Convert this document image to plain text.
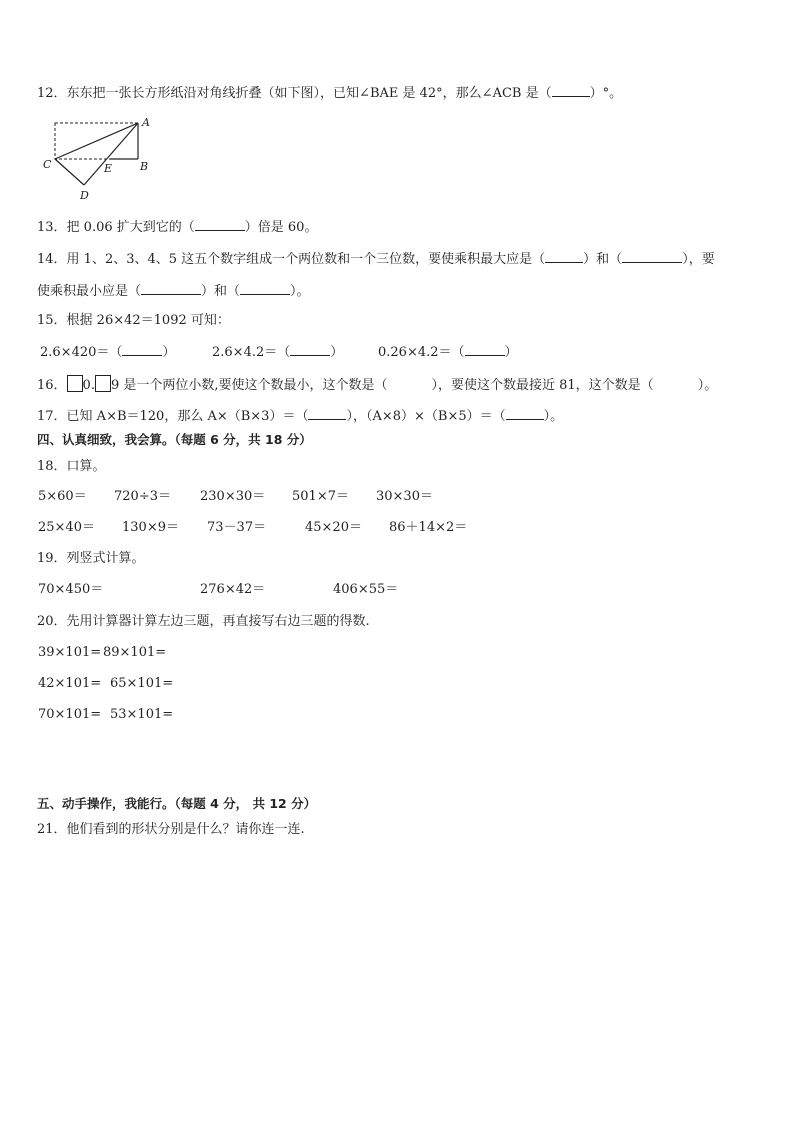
12．东东把一张长方形纸沿对角线折叠（如下图），已知∠BAE 是 42°，那么∠ACB 是（	）°。
A
B
C	E
D
13．把 0.06 扩大到它的（	）倍是 60。
14．用 1、2、3、4、5 这五个数字组成一个两位数和一个三位数，要使乘积最大应是（	）和（	），要
使乘积最小应是（	）和（	）。
15．根据 26×42＝1092 可知：
2.6×420＝（	）	2.6×4.2＝（	）	0.26×4.2＝（	）
16． 0. 9 是一个两位小数,要使这个数最小，这个数是（	），要使这个数最接近 81，这个数是（	）。
17．已知 A×B＝120，那么 A×（B×3）＝（	），（A×8）×（B×5）＝（	）。
四、认真细致，我会算。（每题 6 分，共 18 分）
18．口算。
5×60＝ 720÷3＝ 230×30＝ 501×7＝ 30×30＝
25×40＝ 130×9＝ 73－37＝	45×20＝ 86＋14×2＝
19．列竖式计算。
70×450＝	276×42＝	406×55＝
20．先用计算器计算左边三题，再直接写右边三题的得数.
39×101= 89×101=
42×101= 65×101=
70×101= 53×101=
五、动手操作，我能行。（每题 4 分， 共 12 分）
21．他们看到的形状分别是什么？请你连一连.
